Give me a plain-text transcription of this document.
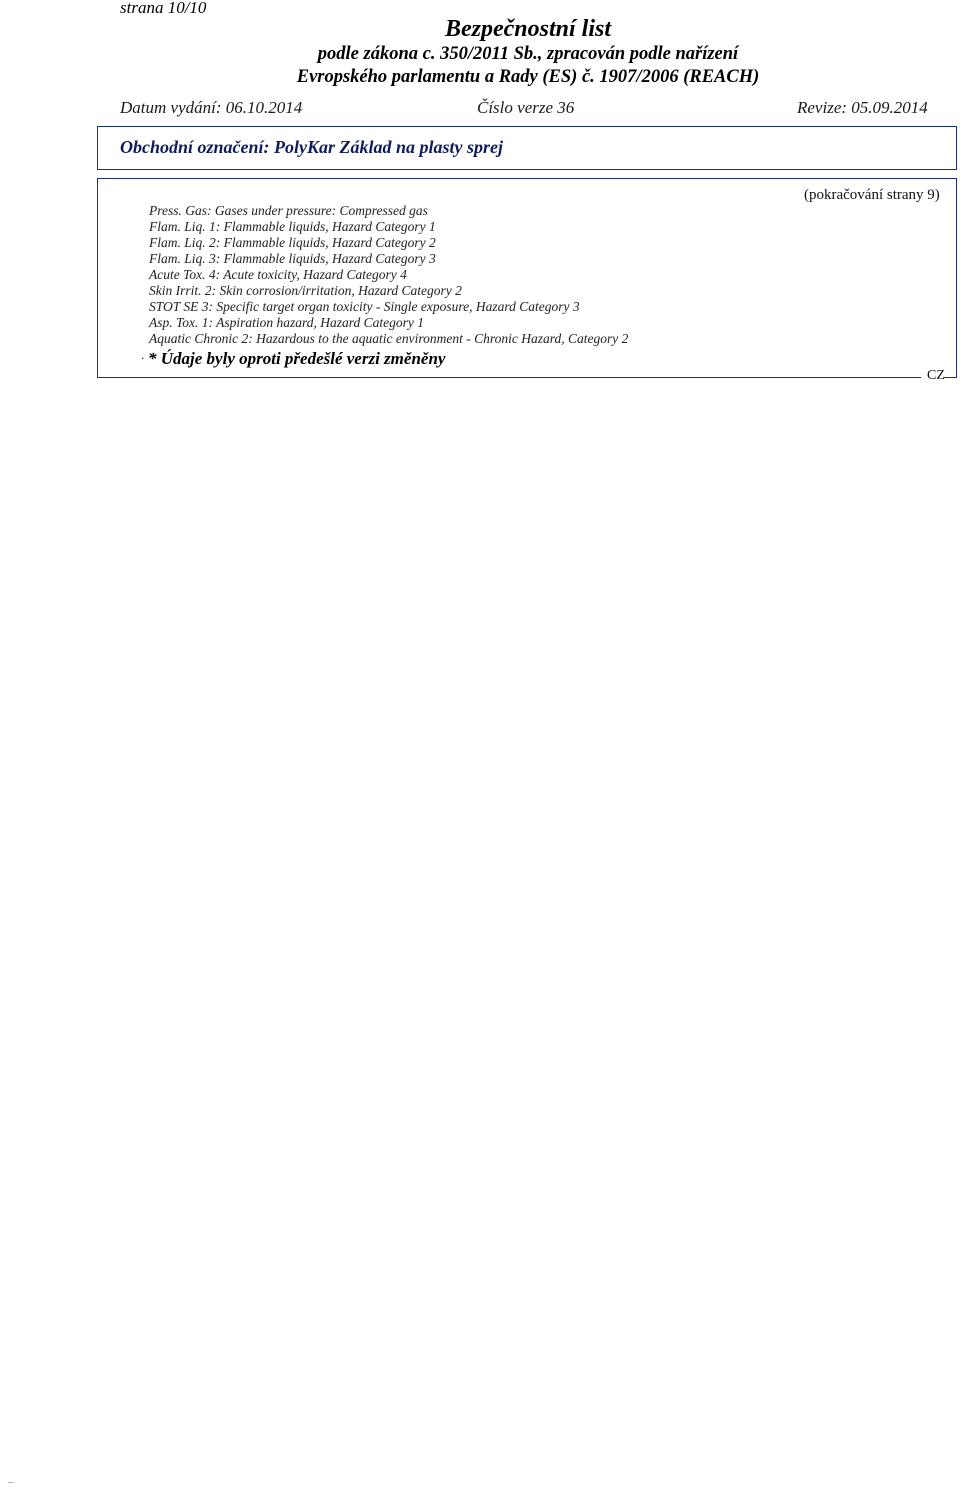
strana 10/10
Bezpečnostní list
podle zákona c. 350/2011 Sb., zpracován podle nařízení
Evropského parlamentu a Rady (ES) č. 1907/2006 (REACH)
Datum vydání: 06.10.2014	Číslo verze 36	Revize: 05.09.2014
Obchodní označení: PolyKar Základ na plasty sprej
(pokračování strany 9)
Press. Gas: Gases under pressure: Compressed gas
Flam. Liq. 1: Flammable liquids, Hazard Category 1
Flam. Liq. 2: Flammable liquids, Hazard Category 2
Flam. Liq. 3: Flammable liquids, Hazard Category 3
Acute Tox. 4: Acute toxicity, Hazard Category 4
Skin Irrit. 2: Skin corrosion/irritation, Hazard Category 2
STOT SE 3: Specific target organ toxicity - Single exposure, Hazard Category 3
Asp. Tox. 1: Aspiration hazard, Hazard Category 1
Aquatic Chronic 2: Hazardous to the aquatic environment - Chronic Hazard, Category 2
· * Údaje byly oproti předešlé verzi změněny
CZ
...
